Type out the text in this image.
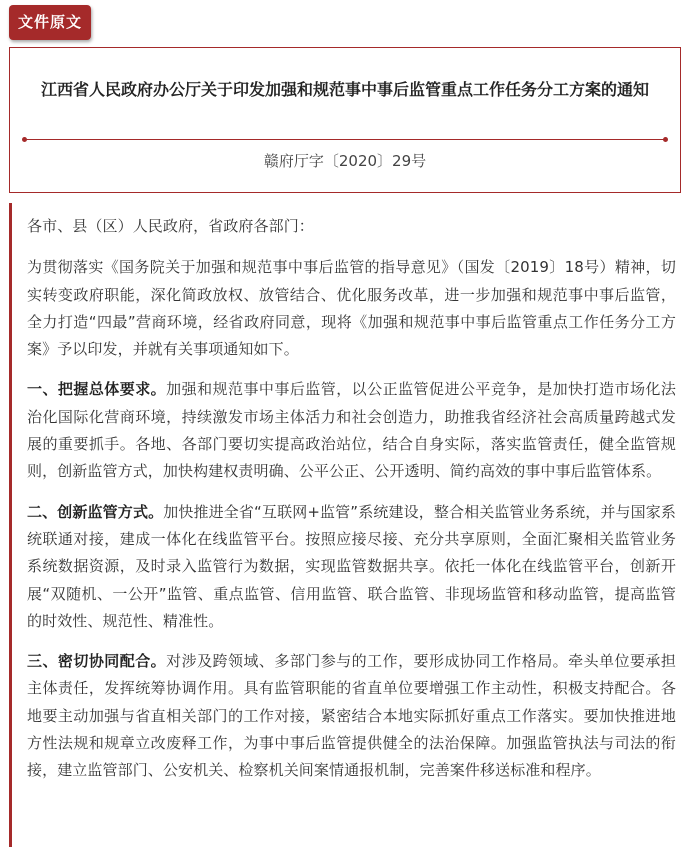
文件原文
江西省人民政府办公厅关于印发加强和规范事中事后监管重点工作任务分工方案的通知
赣府厅字〔2020〕29号

各市、县（区）人民政府，省政府各部门：

为贯彻落实《国务院关于加强和规范事中事后监管的指导意见》（国发〔2019〕18号）精神，切实转变政府职能，深化简政放权、放管结合、优化服务改革，进一步加强和规范事中事后监管，全力打造“四最”营商环境，经省政府同意，现将《加强和规范事中事后监管重点工作任务分工方案》予以印发，并就有关事项通知如下。

一、把握总体要求。加强和规范事中事后监管，以公正监管促进公平竞争，是加快打造市场化法治化国际化营商环境，持续激发市场主体活力和社会创造力，助推我省经济社会高质量跨越式发展的重要抓手。各地、各部门要切实提高政治站位，结合自身实际，落实监管责任，健全监管规则，创新监管方式，加快构建权责明确、公平公正、公开透明、简约高效的事中事后监管体系。

二、创新监管方式。加快推进全省“互联网+监管”系统建设，整合相关监管业务系统，并与国家系统联通对接，建成一体化在线监管平台。按照应接尽接、充分共享原则，全面汇聚相关监管业务系统数据资源，及时录入监管行为数据，实现监管数据共享。依托一体化在线监管平台，创新开展“双随机、一公开”监管、重点监管、信用监管、联合监管、非现场监管和移动监管，提高监管的时效性、规范性、精准性。

三、密切协同配合。对涉及跨领域、多部门参与的工作，要形成协同工作格局。牵头单位要承担主体责任，发挥统筹协调作用。具有监管职能的省直单位要增强工作主动性，积极支持配合。各地要主动加强与省直相关部门的工作对接，紧密结合本地实际抓好重点工作落实。要加快推进地方性法规和规章立改废释工作，为事中事后监管提供健全的法治保障。加强监管执法与司法的衔接，建立监管部门、公安机关、检察机关间案情通报机制，完善案件移送标准和程序。
